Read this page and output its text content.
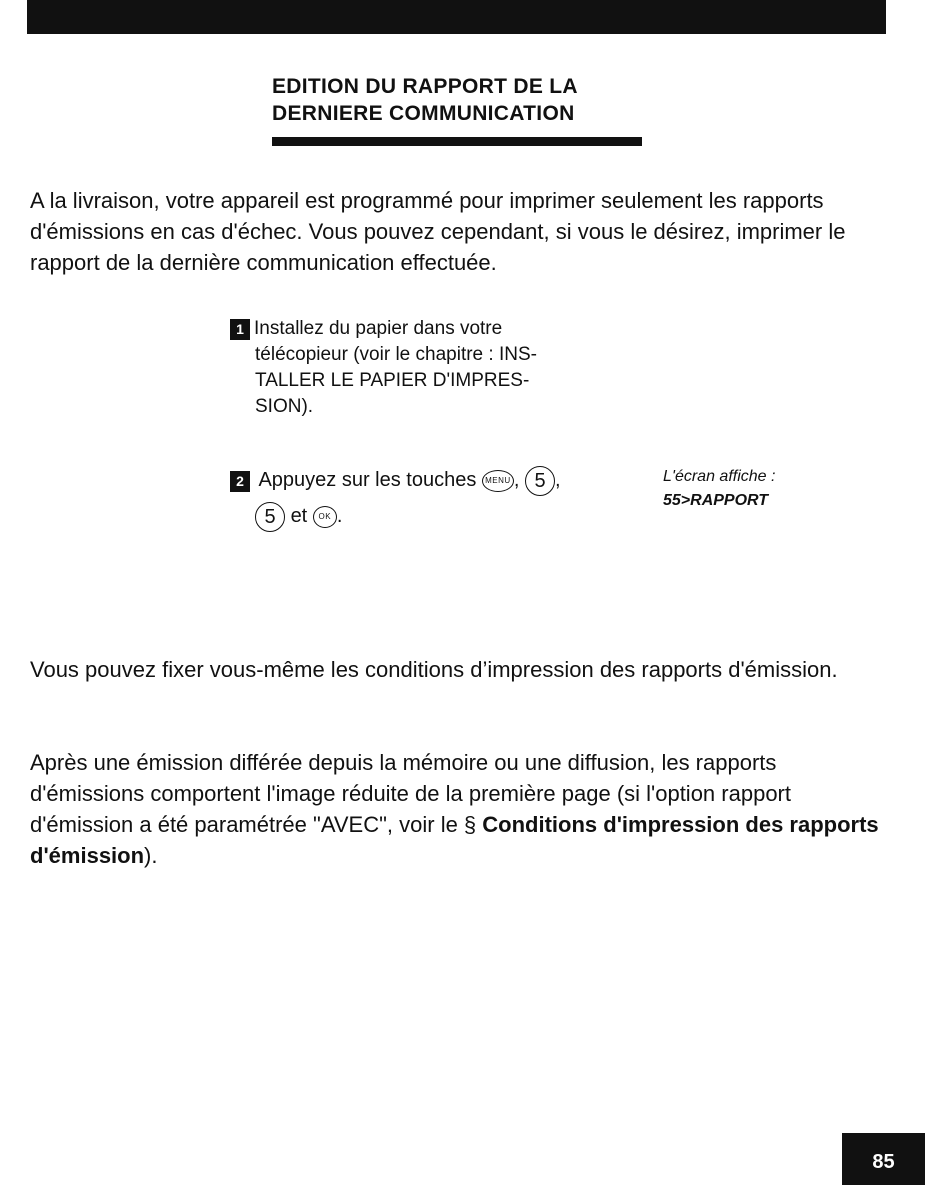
EDITION DU RAPPORT DE LA
DERNIERE COMMUNICATION

A la livraison, votre appareil est programmé pour imprimer seulement les rapports d'émissions en cas d'échec. Vous pouvez cependant, si vous le désirez, imprimer le rapport de la dernière communication effectuée.

1 Installez du papier dans votre
télécopieur (voir le chapitre : INS-
TALLER LE PAPIER D'IMPRES-
SION).
2 Appuyez sur les touches MENU , 5 ,
5 et OK .
L'écran affiche :
55>RAPPORT

Vous pouvez fixer vous-même les conditions d’impression des rapports d'émission.

Après une émission différée depuis la mémoire ou une diffusion, les rapports d'émissions comportent l'image réduite de la première page (si l'option rapport d'émission a été paramétrée "AVEC", voir le § Conditions d'impression des rapports d'émission).

85
